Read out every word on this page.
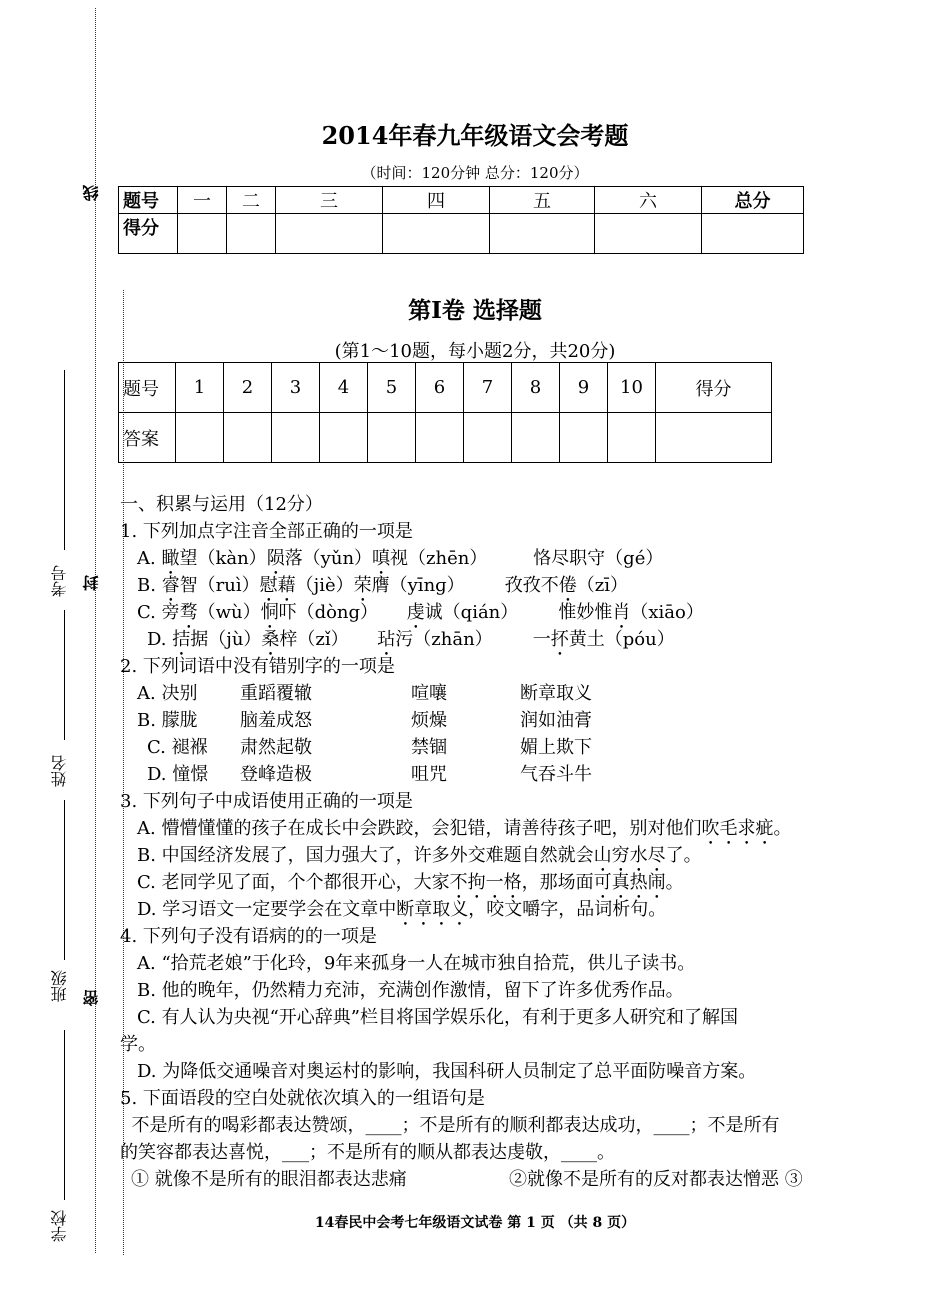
线
封
密
考号
姓名
班级
学校
2014年春九年级语文会考题
（时间：120分钟 总分：120分）
题号	一	二	三	四	五	六	总分
得分							
第I卷 选择题
(第1～10题，每小题2分，共20分)
题号	1	2	3	4	5	6	7	8	9	10	得分
答案											
一、积累与运用（12分）
1. 下列加点字注音全部正确的一项是
A. 瞰望（kàn）陨落（yǔn）嗔视（zhēn）        恪尽职守（gé）
B. 睿智（ruì）慰藉（jiè）荣膺（yīnɡ）       孜孜不倦（zī）
C. 旁骛（wù）恫吓（dòng） 虔诚（qián）       惟妙惟肖（xiāo）
D. 拮据（jù）桑梓（zǐ） 玷污（zhān）       一抔黄土（póu）
2. 下列词语中没有错别字的一项是
A. 决别 重蹈覆辙	喧嚷	断章取义
B. 朦胧 脑羞成怒	烦燥	润如油膏
C. 褪褓 肃然起敬	禁锢	媚上欺下
D. 憧憬 登峰造极	咀咒	气吞斗牛
3. 下列句子中成语使用正确的一项是
A. 懵懵懂懂的孩子在成长中会跌跤，会犯错，请善待孩子吧，别对他们吹毛求疵。
B. 中国经济发展了，国力强大了，许多外交难题自然就会山穷水尽了。
C. 老同学见了面，个个都很开心，大家不拘一格，那场面可真热闹。
D. 学习语文一定要学会在文章中断章取义，咬文嚼字，品词析句。
4. 下列句子没有语病的的一项是
A. “拾荒老娘”于化玲，9年来孤身一人在城市独自拾荒，供儿子读书。
B. 他的晚年，仍然精力充沛，充满创作激情，留下了许多优秀作品。
C. 有人认为央视“开心辞典”栏目将国学娱乐化，有利于更多人研究和了解国
学。
D. 为降低交通噪音对奥运村的影响，我国科研人员制定了总平面防噪音方案。
5. 下面语段的空白处就依次填入的一组语句是
不是所有的喝彩都表达赞颂，____；不是所有的顺利都表达成功，____；不是所有
的笑容都表达喜悦，___；不是所有的顺从都表达虔敬，____。
① 就像不是所有的眼泪都表达悲痛	②就像不是所有的反对都表达憎恶 ③
14春民中会考七年级语文试卷 第 1 页 （共 8 页）
